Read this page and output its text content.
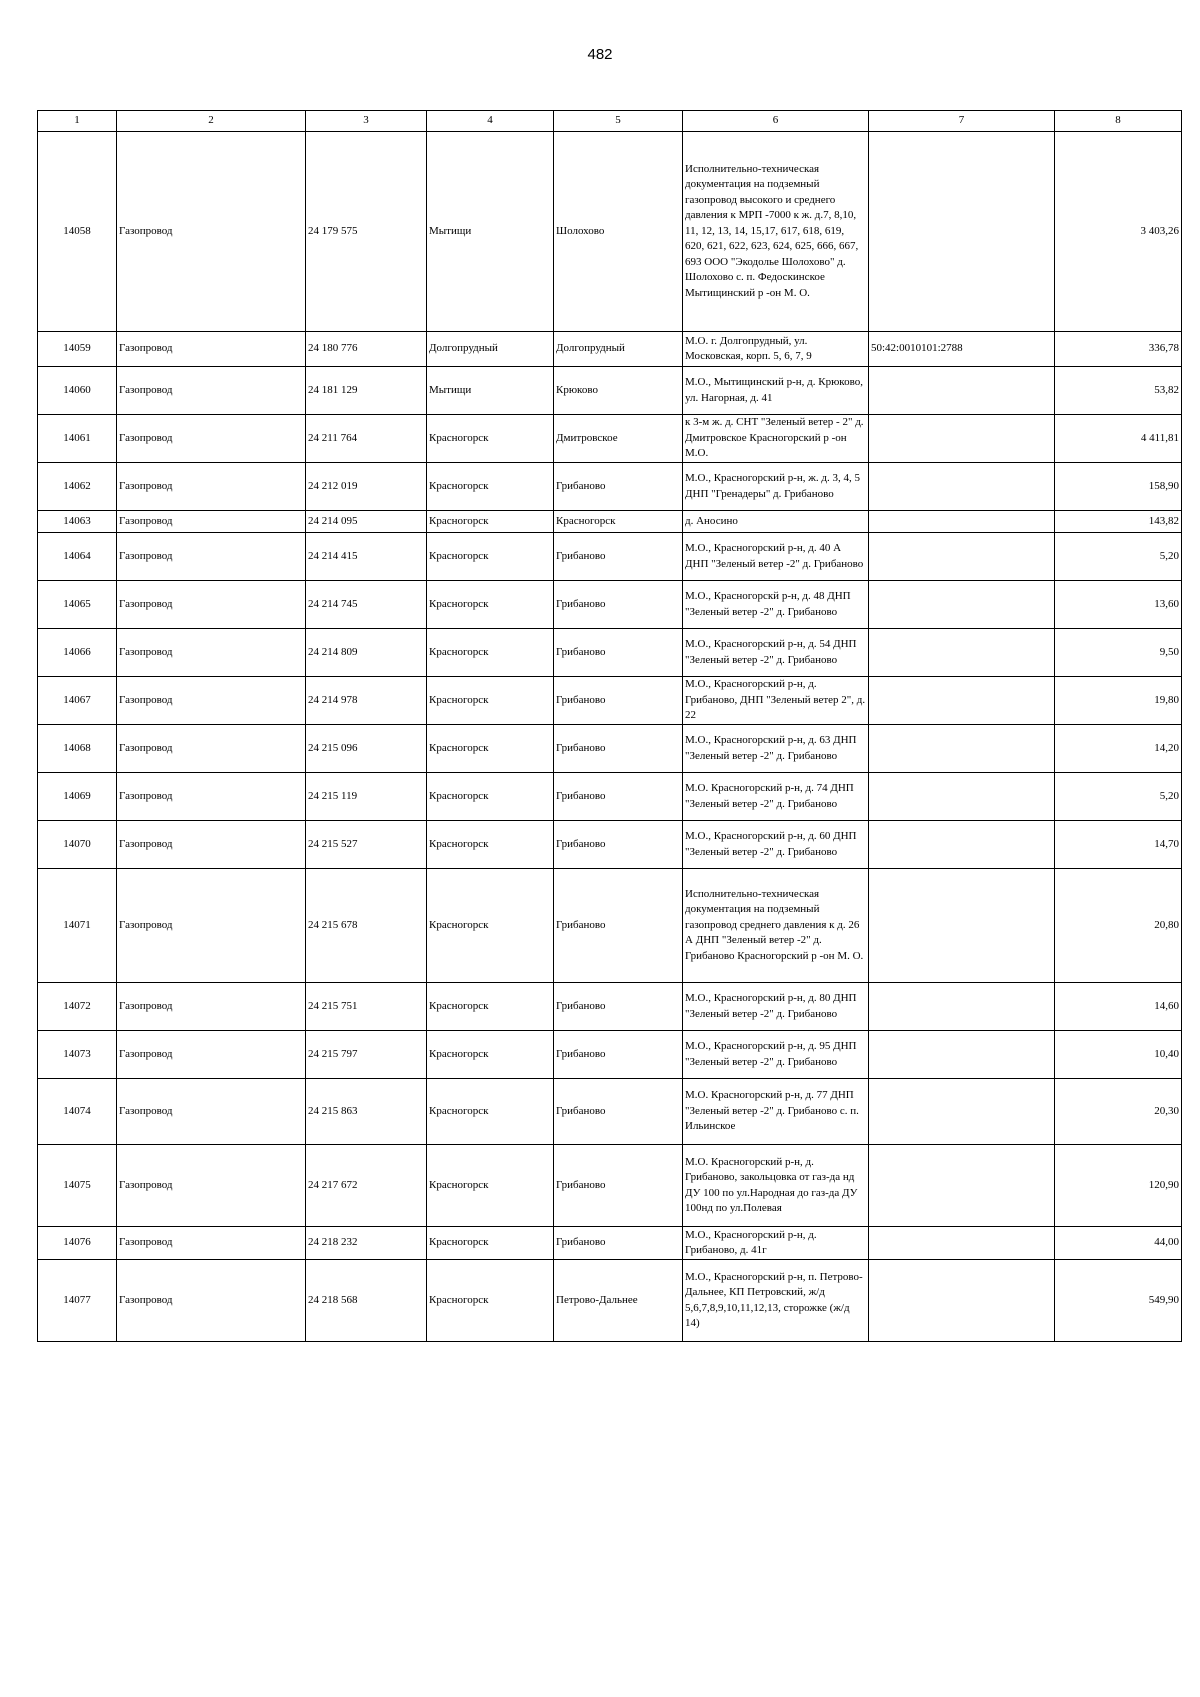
482
1	2	3	4	5	6	7	8
14058	Газопровод	24 179 575	Мытищи	Шолохово	Исполнительно-техническая документация на подземный газопровод высокого и среднего давления к МРП -7000 к ж. д.7, 8,10, 11, 12, 13, 14, 15,17, 617, 618, 619, 620, 621, 622, 623, 624, 625, 666, 667, 693 ООО "Экодолье Шолохово" д. Шолохово с. п. Федоскинское Мытищинский р -он М. О.		3 403,26
14059	Газопровод	24 180 776	Долгопрудный	Долгопрудный	М.О. г. Долгопрудный, ул. Московская, корп. 5, 6, 7, 9	50:42:0010101:2788	336,78
14060	Газопровод	24 181 129	Мытищи	Крюково	М.О., Мытищинский р-н, д. Крюково, ул. Нагорная, д. 41		53,82
14061	Газопровод	24 211 764	Красногорск	Дмитровское	к 3-м ж. д. СНТ "Зеленый ветер - 2" д. Дмитровское Красногорский р -он М.О.		4 411,81
14062	Газопровод	24 212 019	Красногорск	Грибаново	М.О., Красногорский р-н, ж. д. 3, 4, 5 ДНП "Гренадеры" д. Грибаново		158,90
14063	Газопровод	24 214 095	Красногорск	Красногорск	д. Аносино		143,82
14064	Газопровод	24 214 415	Красногорск	Грибаново	М.О., Красногорский р-н, д. 40 А ДНП "Зеленый ветер -2" д. Грибаново		5,20
14065	Газопровод	24 214 745	Красногорск	Грибаново	М.О., Красногорскй р-н, д. 48 ДНП "Зеленый ветер -2" д. Грибаново		13,60
14066	Газопровод	24 214 809	Красногорск	Грибаново	М.О., Красногорский р-н, д. 54 ДНП "Зеленый ветер -2" д. Грибаново		9,50
14067	Газопровод	24 214 978	Красногорск	Грибаново	М.О., Красногорский р-н, д. Грибаново, ДНП "Зеленый ветер 2", д. 22		19,80
14068	Газопровод	24 215 096	Красногорск	Грибаново	М.О., Красногорский р-н, д. 63 ДНП "Зеленый ветер -2" д. Грибаново		14,20
14069	Газопровод	24 215 119	Красногорск	Грибаново	М.О. Красногорский р-н, д. 74 ДНП "Зеленый ветер -2" д. Грибаново		5,20
14070	Газопровод	24 215 527	Красногорск	Грибаново	М.О., Красногорский р-н, д. 60 ДНП "Зеленый ветер -2" д. Грибаново		14,70
14071	Газопровод	24 215 678	Красногорск	Грибаново	Исполнительно-техническая документация на подземный газопровод среднего давления к д. 26 А ДНП "Зеленый ветер -2" д. Грибаново Красногорский р -он М. О.		20,80
14072	Газопровод	24 215 751	Красногорск	Грибаново	М.О., Красногорский р-н, д. 80 ДНП "Зеленый ветер -2" д. Грибаново		14,60
14073	Газопровод	24 215 797	Красногорск	Грибаново	М.О., Красногорский р-н, д. 95 ДНП "Зеленый ветер -2" д. Грибаново		10,40
14074	Газопровод	24 215 863	Красногорск	Грибаново	М.О. Красногорский р-н, д. 77 ДНП "Зеленый ветер -2" д. Грибаново с. п. Ильинское		20,30
14075	Газопровод	24 217 672	Красногорск	Грибаново	М.О. Красногорский р-н, д. Грибаново, закольцовка от газ-да нд ДУ 100 по ул.Народная до газ-да ДУ 100нд по ул.Полевая		120,90
14076	Газопровод	24 218 232	Красногорск	Грибаново	М.О., Красногорский р-н, д. Грибаново, д. 41г		44,00
14077	Газопровод	24 218 568	Красногорск	Петрово-Дальнее	М.О., Красногорский р-н, п. Петрово-Дальнее, КП Петровский, ж/д 5,6,7,8,9,10,11,12,13, сторожке (ж/д 14)		549,90
